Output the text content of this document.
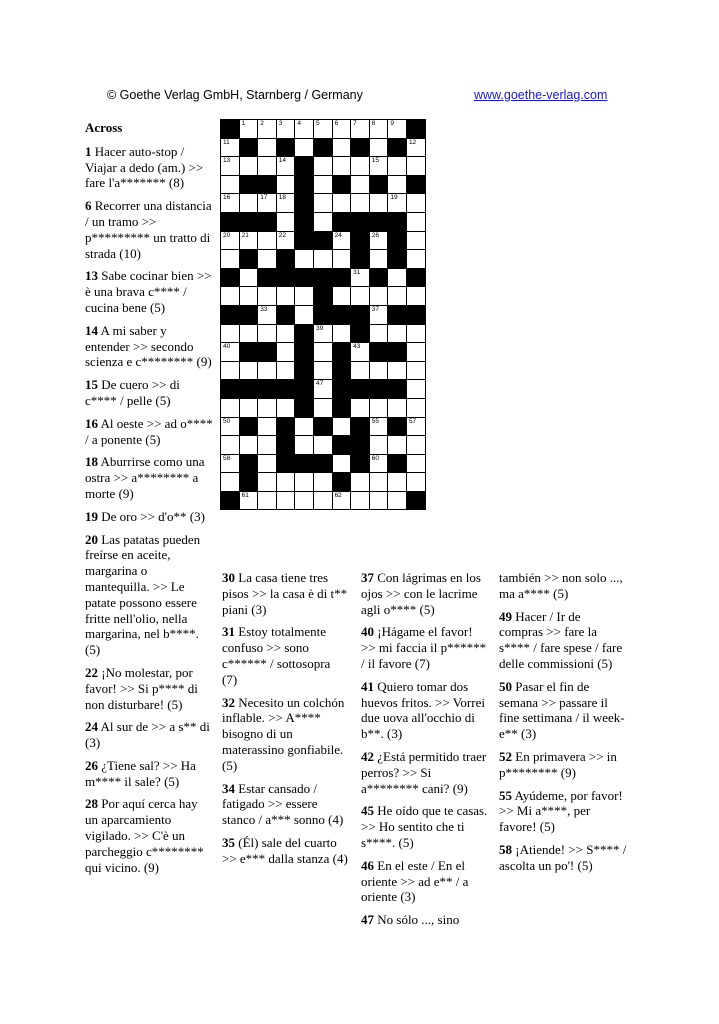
© Goethe Verlag GmbH, Starnberg / Germany	www.goethe-verlag.com

	1	2	3	4	5	6	7	8	9	10

11										12

13			14					15		

16		17	18						19	

20	21		22		23	24	25	26	27	

28				29	30		31			

32		33	34			36		37		38

					39					

40				41		42	43	44		

45			46		47	48		49		

50	51		52		53		54	55	56	57

58			59					60		

	61					62				

Across
1 Hacer auto-stop / Viajar a dedo (am.) >> fare l'a******* (8)
6 Recorrer una distancia / un tramo >> p********* un tratto di strada (10)
13 Sabe cocinar bien >> è una brava c**** / cucina bene (5)
14 A mi saber y entender >> secondo scienza e c******** (9)
15 De cuero >> di c**** / pelle (5)
16 Al oeste >> ad o**** / a ponente (5)
18 Aburrirse como una ostra >> a******** a morte (9)
19 De oro >> d'o** (3)
20 Las patatas pueden freírse en aceite, margarina o mantequilla. >> Le patate possono essere fritte nell'olio, nella margarina, nel b****. (5)
22 ¡No molestar, por favor! >> Si p**** di non disturbare! (5)
24 Al sur de >> a s** di (3)
26 ¿Tiene sal? >> Ha m**** il sale? (5)
28 Por aquí cerca hay un aparcamiento vigilado. >> C'è un parcheggio c******** qui vicino. (9)
30 La casa tiene tres pisos >> la casa è di t** piani (3)
31 Estoy totalmente confuso >> sono c****** / sottosopra (7)
32 Necesito un colchón inflable. >> A**** bisogno di un materassino gonfiabile. (5)
34 Estar cansado / fatigado >> essere stanco / a*** sonno (4)
35 (Él) sale del cuarto >> e*** dalla stanza (4)
37 Con lágrimas en los ojos >> con le lacrime agli o**** (5)
40 ¡Hágame el favor! >> mi faccia il p****** / il favore (7)
41 Quiero tomar dos huevos fritos. >> Vorrei due uova all'occhio di b**. (3)
42 ¿Está permitido traer perros? >> Si a******** cani? (9)
45 He oído que te casas. >> Ho sentito che ti s****. (5)
46 En el este / En el oriente >> ad e** / a oriente (3)
47 No sólo ..., sino
también >> non solo ..., ma a**** (5)
49 Hacer / Ir de compras >> fare la s**** / fare spese / fare delle commissioni (5)
50 Pasar el fin de semana >> passare il fine settimana / il week-e** (3)
52 En primavera >> in p******** (9)
55 Ayúdeme, por favor! >> Mi a****, per favore! (5)
58 ¡Atiende! >> S**** / ascolta un po'! (5)
